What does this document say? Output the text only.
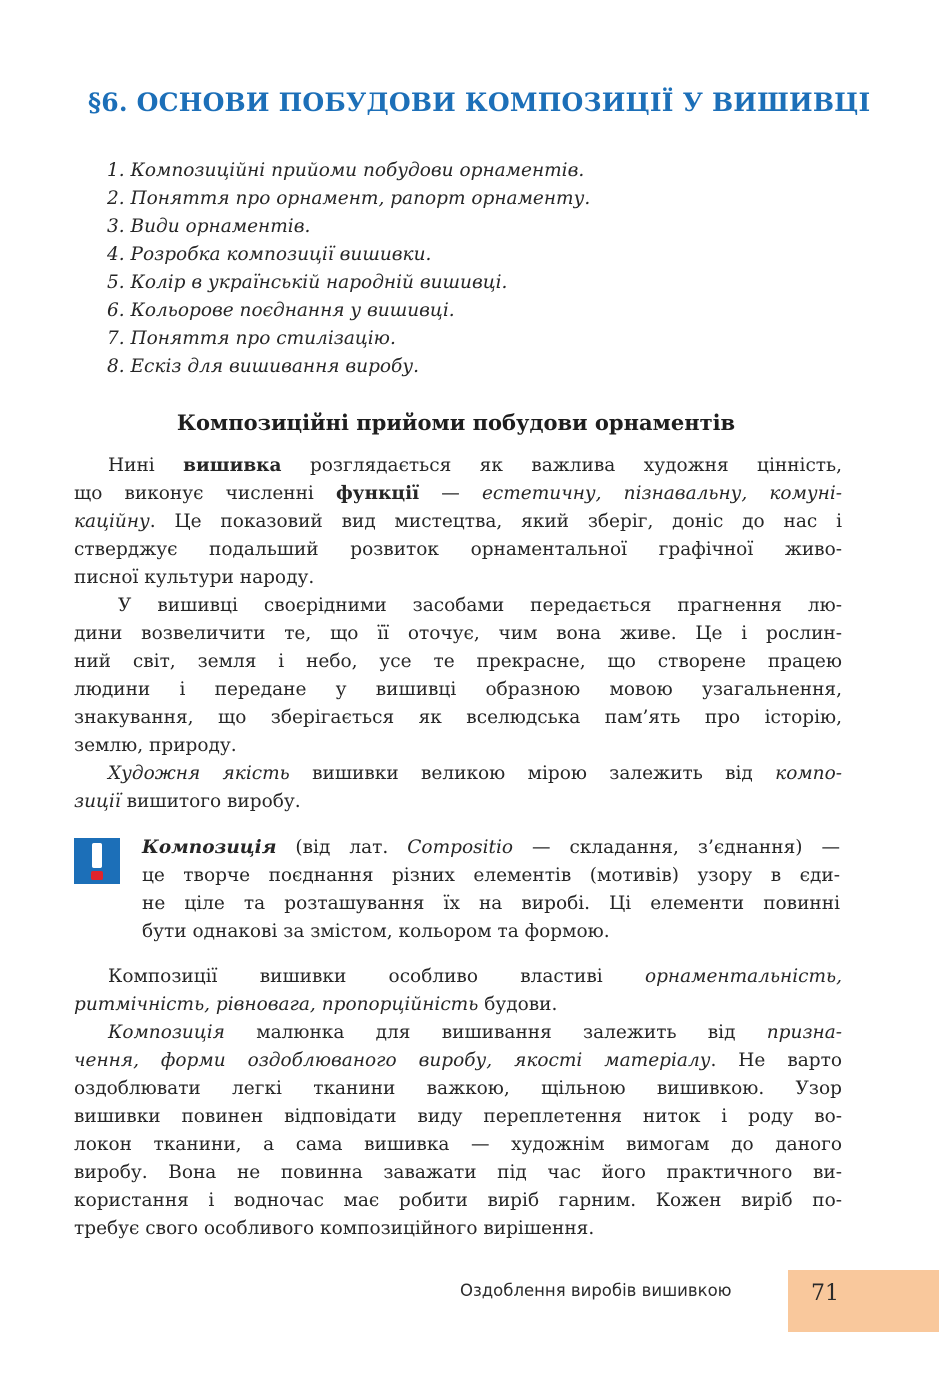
§6. ОСНОВИ ПОБУДОВИ КОМПОЗИЦІЇ У ВИШИВЦІ
1. Композиційні прийоми побудови орнаментів.
2. Поняття про орнамент, рапорт орнаменту.
3. Види орнаментів.
4. Розробка композиції вишивки.
5. Колір в українській народній вишивці.
6. Кольорове поєднання у вишивці.
7. Поняття про стилізацію.
8. Ескіз для вишивання виробу.
Композиційні прийоми побудови орнаментів
Нині вишивка розглядається як важлива художня цінність,
що виконує численні функції — естетичну, пізнавальну, комуні-
каційну. Це показовий вид мистецтва, який зберіг, доніс до нас і
стверджує подальший розвиток орнаментальної графічної живо-
писної культури народу.
У вишивці своєрідними засобами передається прагнення лю-
дини возвеличити те, що її оточує, чим вона живе. Це і рослин-
ний світ, земля і небо, усе те прекрасне, що створене працею
людини і передане у вишивці образною мовою узагальнення,
знакування, що зберігається як вселюдська пам’ять про історію,
землю, природу.
Художня якість вишивки великою мірою залежить від компо-
зиції вишитого виробу.
Композиція (від лат. Compositio — складання, з’єднання) —
це творче поєднання різних елементів (мотивів) узору в єди-
не ціле та розташування їх на виробі. Ці елементи повинні
бути однакові за змістом, кольором та формою.
Композиції вишивки особливо властиві орнаментальність,
ритмічність, рівновага, пропорційність будови.
Композиція малюнка для вишивання залежить від призна-
чення, форми оздоблюваного виробу, якості матеріалу. Не варто
оздоблювати легкі тканини важкою, щільною вишивкою. Узор
вишивки повинен відповідати виду переплетення ниток і роду во-
локон тканини, а сама вишивка — художнім вимогам до даного
виробу. Вона не повинна заважати під час його практичного ви-
користання і водночас має робити виріб гарним. Кожен виріб по-
требує свого особливого композиційного вирішення.
Оздоблення виробів вишивкою	71
